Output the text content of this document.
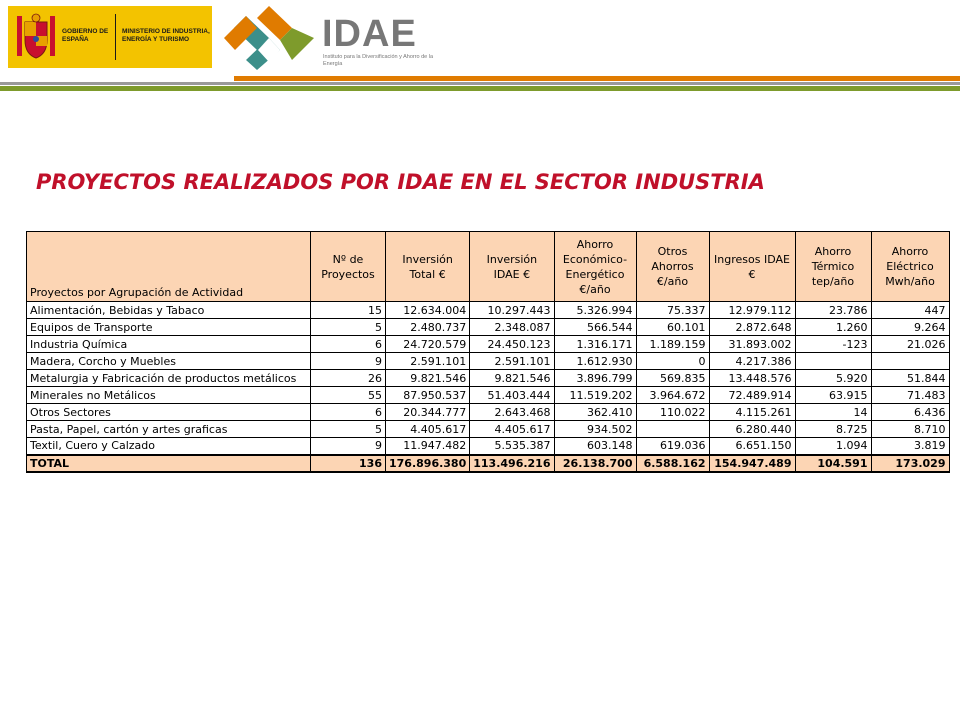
GOBIERNO DE ESPAÑA
MINISTERIO DE INDUSTRIA, ENERGÍA Y TURISMO	IDAE
Instituto para la Diversificación y Ahorro de la Energía
PROYECTOS REALIZADOS POR IDAE EN EL SECTOR INDUSTRIA
Proyectos por Agrupación de Actividad	Nº de Proyectos	Inversión Total €	Inversión IDAE €	Ahorro Económico-Energético €/año	Otros Ahorros €/año	Ingresos IDAE €	Ahorro Térmico tep/año	Ahorro Eléctrico Mwh/año
Alimentación, Bebidas y Tabaco	15	12.634.004	10.297.443	5.326.994	75.337	12.979.112	23.786	447
Equipos de Transporte	5	2.480.737	2.348.087	566.544	60.101	2.872.648	1.260	9.264
Industria Química	6	24.720.579	24.450.123	1.316.171	1.189.159	31.893.002	-123	21.026
Madera, Corcho y Muebles	9	2.591.101	2.591.101	1.612.930	0	4.217.386		
Metalurgia y Fabricación de productos metálicos	26	9.821.546	9.821.546	3.896.799	569.835	13.448.576	5.920	51.844
Minerales no Metálicos	55	87.950.537	51.403.444	11.519.202	3.964.672	72.489.914	63.915	71.483
Otros Sectores	6	20.344.777	2.643.468	362.410	110.022	4.115.261	14	6.436
Pasta, Papel, cartón y artes graficas	5	4.405.617	4.405.617	934.502		6.280.440	8.725	8.710
Textil, Cuero y Calzado	9	11.947.482	5.535.387	603.148	619.036	6.651.150	1.094	3.819
TOTAL	136	176.896.380	113.496.216	26.138.700	6.588.162	154.947.489	104.591	173.029
